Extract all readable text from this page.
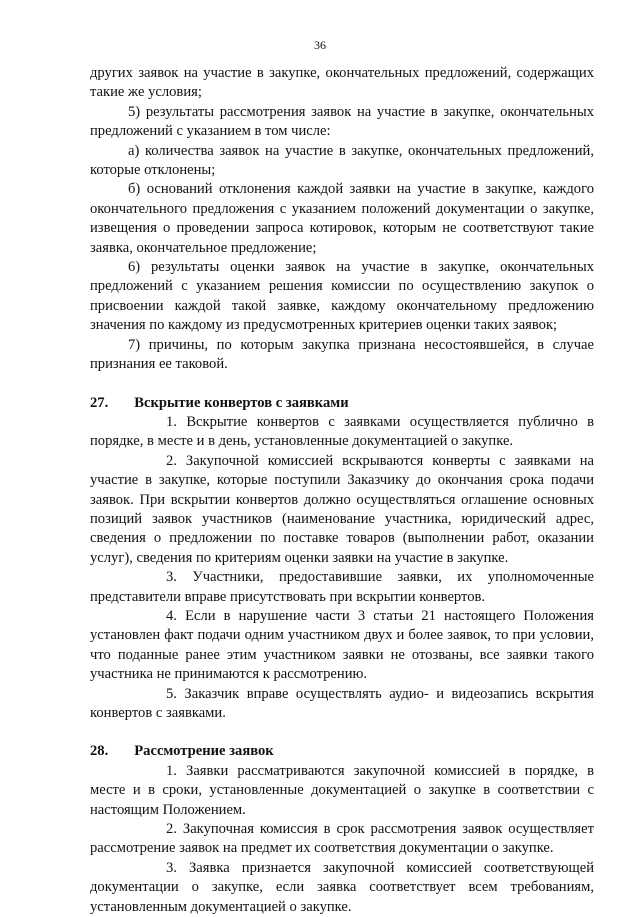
36

других заявок на участие в закупке, окончательных предложений, содержащих такие же условия;

5) результаты рассмотрения заявок на участие в закупке, окончательных предложений с указанием в том числе:

а) количества заявок на участие в закупке, окончательных предложений, которые отклонены;

б) оснований отклонения каждой заявки на участие в закупке, каждого окончательного предложения с указанием положений документации о закупке, извещения о проведении запроса котировок, которым не соответствуют такие заявка, окончательное предложение;

6) результаты оценки заявок на участие в закупке, окончательных предложений с указанием решения комиссии по осуществлению закупок о присвоении каждой такой заявке, каждому окончательному предложению значения по каждому из предусмотренных критериев оценки таких заявок;

7) причины, по которым закупка признана несостоявшейся, в случае признания ее таковой.

27. Вскрытие конвертов с заявками

1. Вскрытие конвертов с заявками осуществляется публично в порядке, в месте и в день, установленные документацией о закупке.

2. Закупочной комиссией вскрываются конверты с заявками на участие в закупке, которые поступили Заказчику до окончания срока подачи заявок. При вскрытии конвертов должно осуществляться оглашение основных позиций заявок участников (наименование участника, юридический адрес, сведения о предложении по поставке товаров (выполнении работ, оказании услуг), сведения по критериям оценки заявки на участие в закупке.

3. Участники, предоставившие заявки, их уполномоченные представители вправе присутствовать при вскрытии конвертов.

4. Если в нарушение части 3 статьи 21 настоящего Положения установлен факт подачи одним участником двух и более заявок, то при условии, что поданные ранее этим участником заявки не отозваны, все заявки такого участника не принимаются к рассмотрению.

5. Заказчик вправе осуществлять аудио- и видеозапись вскрытия конвертов с заявками.

28. Рассмотрение заявок

1. Заявки рассматриваются закупочной комиссией в порядке, в месте и в сроки, установленные документацией о закупке в соответствии с настоящим Положением.

2. Закупочная комиссия в срок рассмотрения заявок осуществляет рассмотрение заявок на предмет их соответствия документации о закупке.

3. Заявка признается закупочной комиссией соответствующей документации о закупке, если заявка соответствует всем требованиям, установленным документацией о закупке.
